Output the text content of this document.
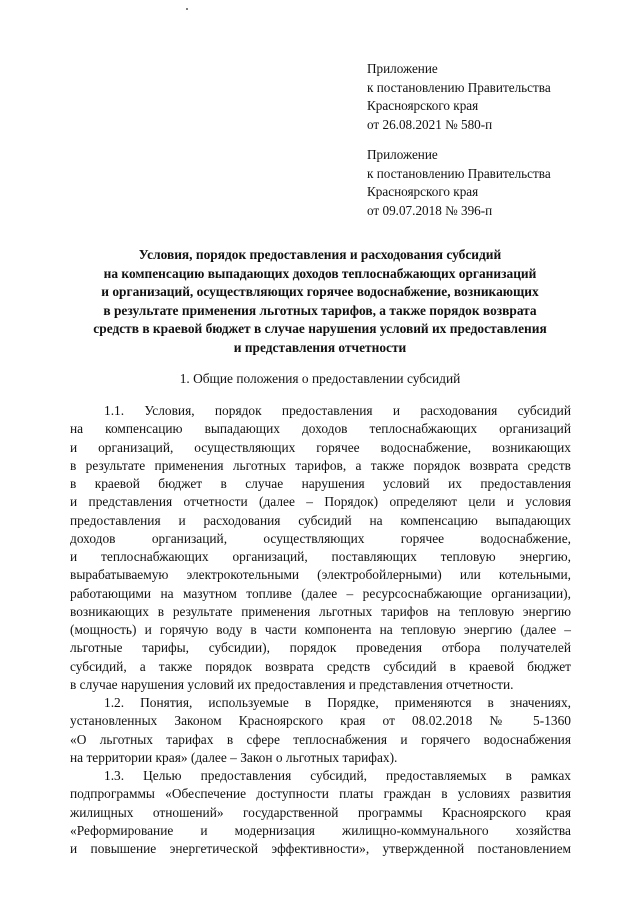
Приложение
к постановлению Правительства
Красноярского края
от 26.08.2021 № 580-п
Приложение
к постановлению Правительства
Красноярского края
от 09.07.2018 № 396-п
Условия, порядок предоставления и расходования субсидий
на компенсацию выпадающих доходов теплоснабжающих организаций
и организаций, осуществляющих горячее водоснабжение, возникающих
в результате применения льготных тарифов, а также порядок возврата
средств в краевой бюджет в случае нарушения условий их предоставления
и представления отчетности
1. Общие положения о предоставлении субсидий
1.1. Условия, порядок предоставления и расходования субсидий
на компенсацию выпадающих доходов теплоснабжающих организаций
и организаций, осуществляющих горячее водоснабжение, возникающих
в результате применения льготных тарифов, а также порядок возврата средств
в краевой бюджет в случае нарушения условий их предоставления
и представления отчетности (далее – Порядок) определяют цели и условия
предоставления и расходования субсидий на компенсацию выпадающих
доходов организаций, осуществляющих горячее водоснабжение,
и теплоснабжающих организаций, поставляющих тепловую энергию,
вырабатываемую электрокотельными (электробойлерными) или котельными,
работающими на мазутном топливе (далее – ресурсоснабжающие организации),
возникающих в результате применения льготных тарифов на тепловую энергию
(мощность) и горячую воду в части компонента на тепловую энергию (далее –
льготные тарифы, субсидии), порядок проведения отбора получателей
субсидий, а также порядок возврата средств субсидий в краевой бюджет
в случае нарушения условий их предоставления и представления отчетности.
1.2. Понятия, используемые в Порядке, применяются в значениях,
установленных Законом Красноярского края от 08.02.2018 № 5-1360
«О льготных тарифах в сфере теплоснабжения и горячего водоснабжения
на территории края» (далее – Закон о льготных тарифах).
1.3. Целью предоставления субсидий, предоставляемых в рамках
подпрограммы «Обеспечение доступности платы граждан в условиях развития
жилищных отношений» государственной программы Красноярского края
«Реформирование и модернизация жилищно-коммунального хозяйства
и повышение энергетической эффективности», утвержденной постановлением
